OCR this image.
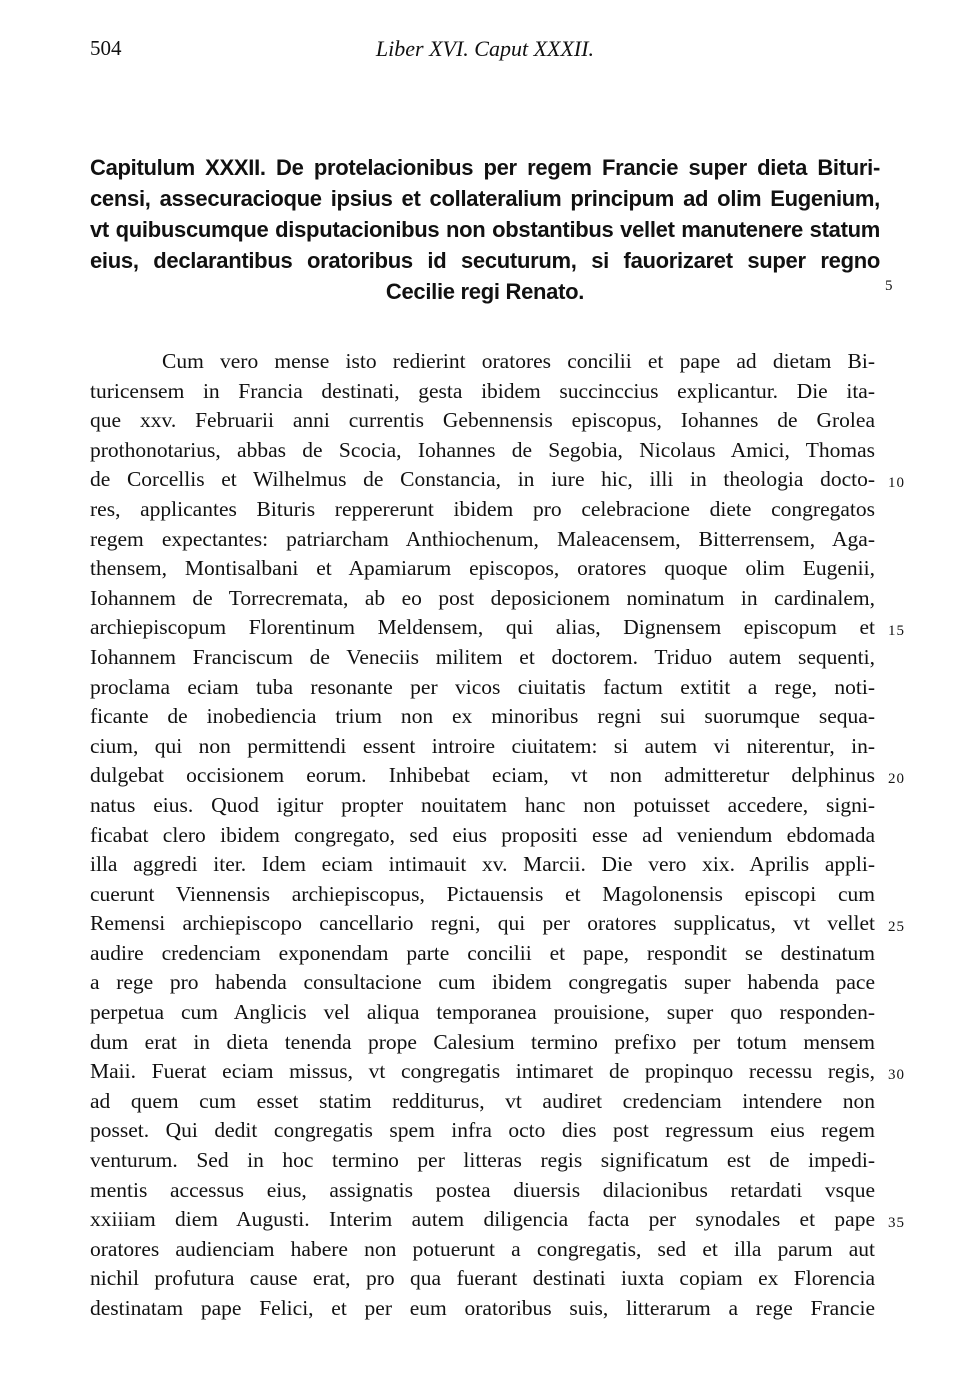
504	Liber XVI. Caput XXXII.
Capitulum XXXII. De protelacionibus per regem Francie super dieta Bituri-
censi, assecuracioque ipsius et collateralium principum ad olim Eugenium,
vt quibuscumque disputacionibus non obstantibus vellet manutenere statum
eius, declarantibus oratoribus id secuturum, si fauorizaret super regno
Cecilie regi Renato.	5
Cum vero mense isto redierint oratores concilii et pape ad dietam Bi-
turicensem in Francia destinati, gesta ibidem succinccius explicantur. Die ita-
que xxv. Februarii anni currentis Gebennensis episcopus, Iohannes de Grolea
prothonotarius, abbas de Scocia, Iohannes de Segobia, Nicolaus Amici, Thomas
de Corcellis et Wilhelmus de Constancia, in iure hic, illi in theologia docto-
res, applicantes Bituris reppererunt ibidem pro celebracione diete congregatos
regem expectantes: patriarcham Anthiochenum, Maleacensem, Bitterrensem, Aga-
thensem, Montisalbani et Apamiarum episcopos, oratores quoque olim Eugenii,
Iohannem de Torrecremata, ab eo post deposicionem nominatum in cardinalem,
archiepiscopum Florentinum Meldensem, qui alias, Dignensem episcopum et
Iohannem Franciscum de Veneciis militem et doctorem. Triduo autem sequenti,
proclama eciam tuba resonante per vicos ciuitatis factum extitit a rege, noti-
ficante de inobediencia trium non ex minoribus regni sui suorumque sequa-
cium, qui non permittendi essent introire ciuitatem: si autem vi niterentur, in-
dulgebat occisionem eorum. Inhibebat eciam, vt non admitteretur delphinus
natus eius. Quod igitur propter nouitatem hanc non potuisset accedere, signi-
ficabat clero ibidem congregato, sed eius propositi esse ad veniendum ebdomada
illa aggredi iter. Idem eciam intimauit xv. Marcii. Die vero xix. Aprilis appli-
cuerunt Viennensis archiepiscopus, Pictauensis et Magolonensis episcopi cum
Remensi archiepiscopo cancellario regni, qui per oratores supplicatus, vt vellet
audire credenciam exponendam parte concilii et pape, respondit se destinatum
a rege pro habenda consultacione cum ibidem congregatis super habenda pace
perpetua cum Anglicis vel aliqua temporanea prouisione, super quo responden-
dum erat in dieta tenenda prope Calesium termino prefixo per totum mensem
Maii. Fuerat eciam missus, vt congregatis intimaret de propinquo recessu regis,
ad quem cum esset statim redditurus, vt audiret credenciam intendere non
posset. Qui dedit congregatis spem infra octo dies post regressum eius regem
venturum. Sed in hoc termino per litteras regis significatum est de impedi-
mentis accessus eius, assignatis postea diuersis dilacionibus retardati vsque
xxiiiam diem Augusti. Interim autem diligencia facta per synodales et pape
oratores audienciam habere non potuerunt a congregatis, sed et illa parum aut
nichil profutura cause erat, pro qua fuerant destinati iuxta copiam ex Florencia
destinatam pape Felici, et per eum oratoribus suis, litterarum a rege Francie
10
15
20
25
30
35
